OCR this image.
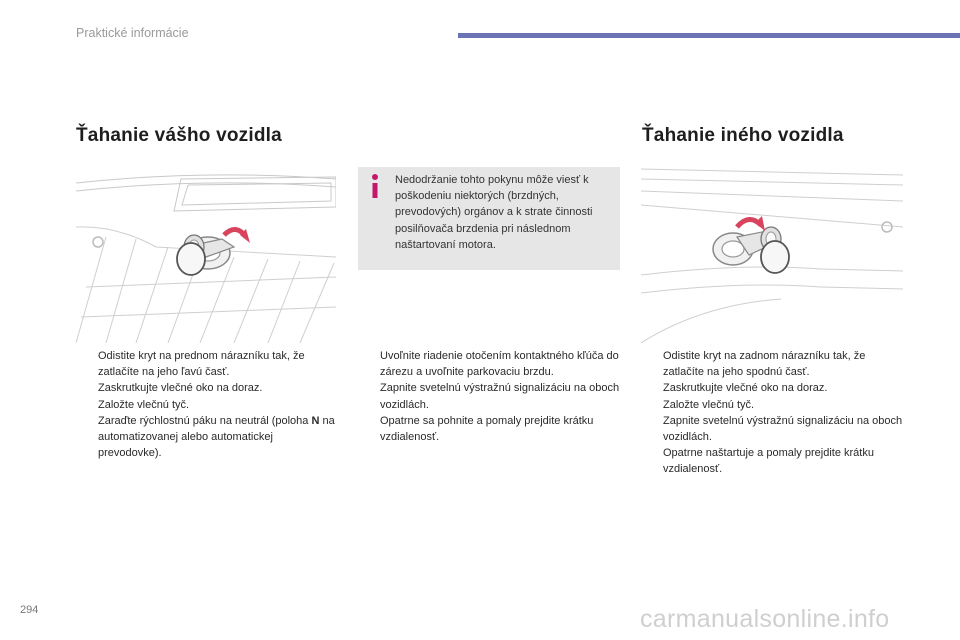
Praktické informácie
Ťahanie vášho vozidla	Ťahanie iného vozidla

Nedodržanie tohto pokynu môže viesť k poškodeniu niektorých (brzdných, prevodových) orgánov a k strate činnosti posilňovača brzdenia pri následnom naštartovaní motora.

Odistite kryt na prednom nárazníku tak, že zatlačíte na jeho ľavú časť.
Zaskrutkujte vlečné oko na doraz.
Založte vlečnú tyč.
Zaraďte rýchlostnú páku na neutrál (poloha N na automatizovanej alebo automatickej prevodovke).
Uvoľnite riadenie otočením kontaktného kľúča do zárezu a uvoľnite parkovaciu brzdu.
Zapnite svetelnú výstražnú signalizáciu na oboch vozidlách.
Opatrne sa pohnite a pomaly prejdite krátku vzdialenosť.
Odistite kryt na zadnom nárazníku tak, že zatlačíte na jeho spodnú časť.
Zaskrutkujte vlečné oko na doraz.
Založte vlečnú tyč.
Zapnite svetelnú výstražnú signalizáciu na oboch vozidlách.
Opatrne naštartuje a pomaly prejdite krátku vzdialenosť.
294	carmanualsonline.info
